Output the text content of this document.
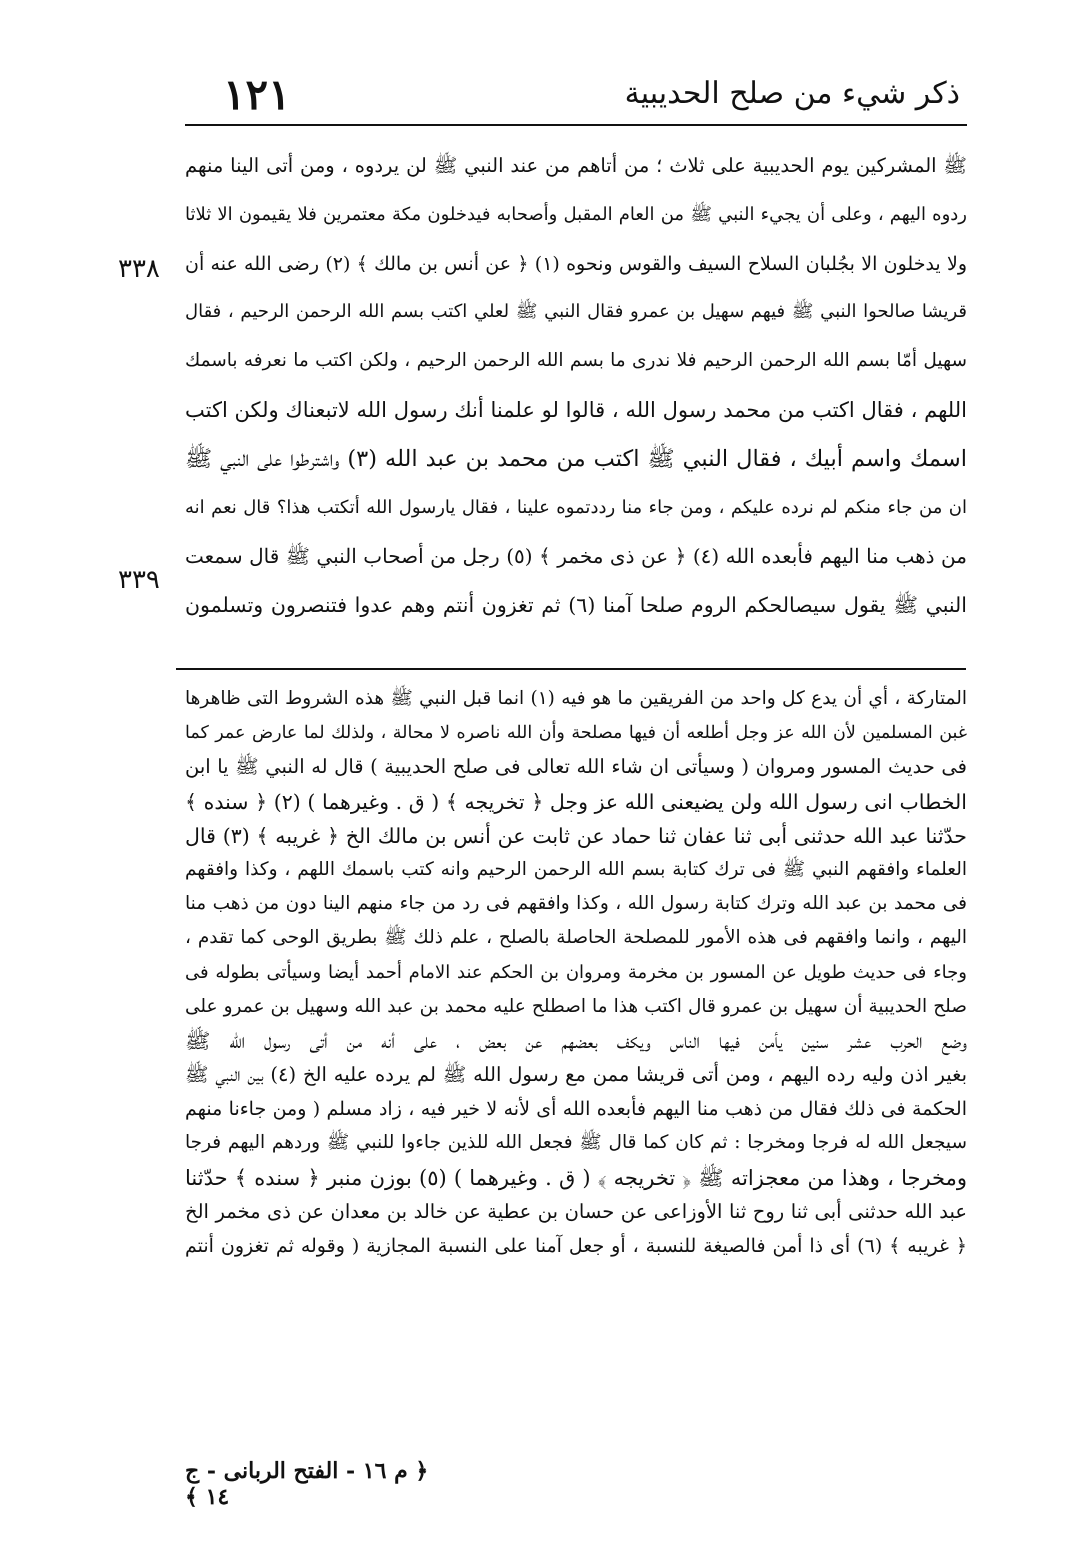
١٢١	ذكر شيء من صلح الحديبية
٣٣٨
٣٣٩
ﷺ المشركين يوم الحديبية على ثلاث ؛ من أتاهم من عند النبي ﷺ لن يردوه ، ومن أتى الينا منهم
ردوه اليهم ، وعلى أن يجيء النبي ﷺ من العام المقبل وأصحابه فيدخلون مكة معتمرين فلا يقيمون الا ثلاثا
ولا يدخلون الا بجُلبان السلاح السيف والقوس ونحوه (١) ﴿ عن أنس بن مالك ﴾ (٢) رضى الله عنه أن
قريشا صالحوا النبي ﷺ فيهم سهيل بن عمرو فقال النبي ﷺ لعلي اكتب بسم الله الرحمن الرحيم ، فقال
سهيل أمّا بسم الله الرحمن الرحيم فلا ندرى ما بسم الله الرحمن الرحيم ، ولكن اكتب ما نعرفه باسمك
اللهم ، فقال اكتب من محمد رسول الله ، قالوا لو علمنا أنك رسول الله لاتبعناك ولكن اكتب
اسمك واسم أبيك ، فقال النبي ﷺ اكتب من محمد بن عبد الله (٣) واشترطوا على النبي ﷺ
ان من جاء منكم لم نرده عليكم ، ومن جاء منا رددتموه علينا ، فقال يارسول الله أتكتب هذا؟ قال نعم انه
من ذهب منا اليهم فأبعده الله (٤) ﴿ عن ذى مخمر ﴾ (٥) رجل من أصحاب النبي ﷺ قال سمعت
النبي ﷺ يقول سيصالحكم الروم صلحا آمنا (٦) ثم تغزون أنتم وهم عدوا فتنصرون وتسلمون
المتاركة ، أي أن يدع كل واحد من الفريقين ما هو فيه (١) انما قبل النبي ﷺ هذه الشروط التى ظاهرها
غبن المسلمين لأن الله عز وجل أطلعه أن فيها مصلحة وأن الله ناصره لا محالة ، ولذلك لما عارض عمر كما
فى حديث المسور ومروان ( وسيأتى ان شاء الله تعالى فى صلح الحديبية ) قال له النبي ﷺ يا ابن
الخطاب انى رسول الله ولن يضيعنى الله عز وجل ﴿ تخريجه ﴾ ( ق . وغيرهما ) (٢) ﴿ سنده ﴾
حدّثنا عبد الله حدثنى أبى ثنا عفان ثنا حماد عن ثابت عن أنس بن مالك الخ ﴿ غريبه ﴾ (٣) قال
العلماء وافقهم النبي ﷺ فى ترك كتابة بسم الله الرحمن الرحيم وانه كتب باسمك اللهم ، وكذا وافقهم
فى محمد بن عبد الله وترك كتابة رسول الله ، وكذا وافقهم فى رد من جاء منهم الينا دون من ذهب منا
اليهم ، وانما وافقهم فى هذه الأمور للمصلحة الحاصلة بالصلح ، علم ذلك ﷺ بطريق الوحى كما تقدم ،
وجاء فى حديث طويل عن المسور بن مخرمة ومروان بن الحكم عند الامام أحمد أيضا وسيأتى بطوله فى
صلح الحديبية أن سهيل بن عمرو قال اكتب هذا ما اصطلح عليه محمد بن عبد الله وسهيل بن عمرو على
وضع الحرب عشر سنين يأمن فيها الناس ويكف بعضهم عن بعض ، على أنه من أتى رسول الله ﷺ
بغير اذن وليه رده اليهم ، ومن أتى قريشا ممن مع رسول الله ﷺ لم يرده عليه الخ (٤) بين النبي ﷺ
الحكمة فى ذلك فقال من ذهب منا اليهم فأبعده الله أى لأنه لا خير فيه ، زاد مسلم ( ومن جاءنا منهم
سيجعل الله له فرجا ومخرجا : ثم كان كما قال ﷺ فجعل الله للذين جاءوا للنبي ﷺ وردهم اليهم فرجا
ومخرجا ، وهذا من معجزاته ﷺ ﴿ تخريجه ﴾ ( ق . وغيرهما ) (٥) بوزن منبر ﴿ سنده ﴾ حدّثنا
عبد الله حدثنى أبى ثنا روح ثنا الأوزاعى عن حسان بن عطية عن خالد بن معدان عن ذى مخمر الخ
﴿ غريبه ﴾ (٦) أى ذا أمن فالصيغة للنسبة ، أو جعل آمنا على النسبة المجازية ( وقوله ثم تغزون أنتم
﴿ م ١٦ - الفتح الربانى - ج ١٤ ﴾
